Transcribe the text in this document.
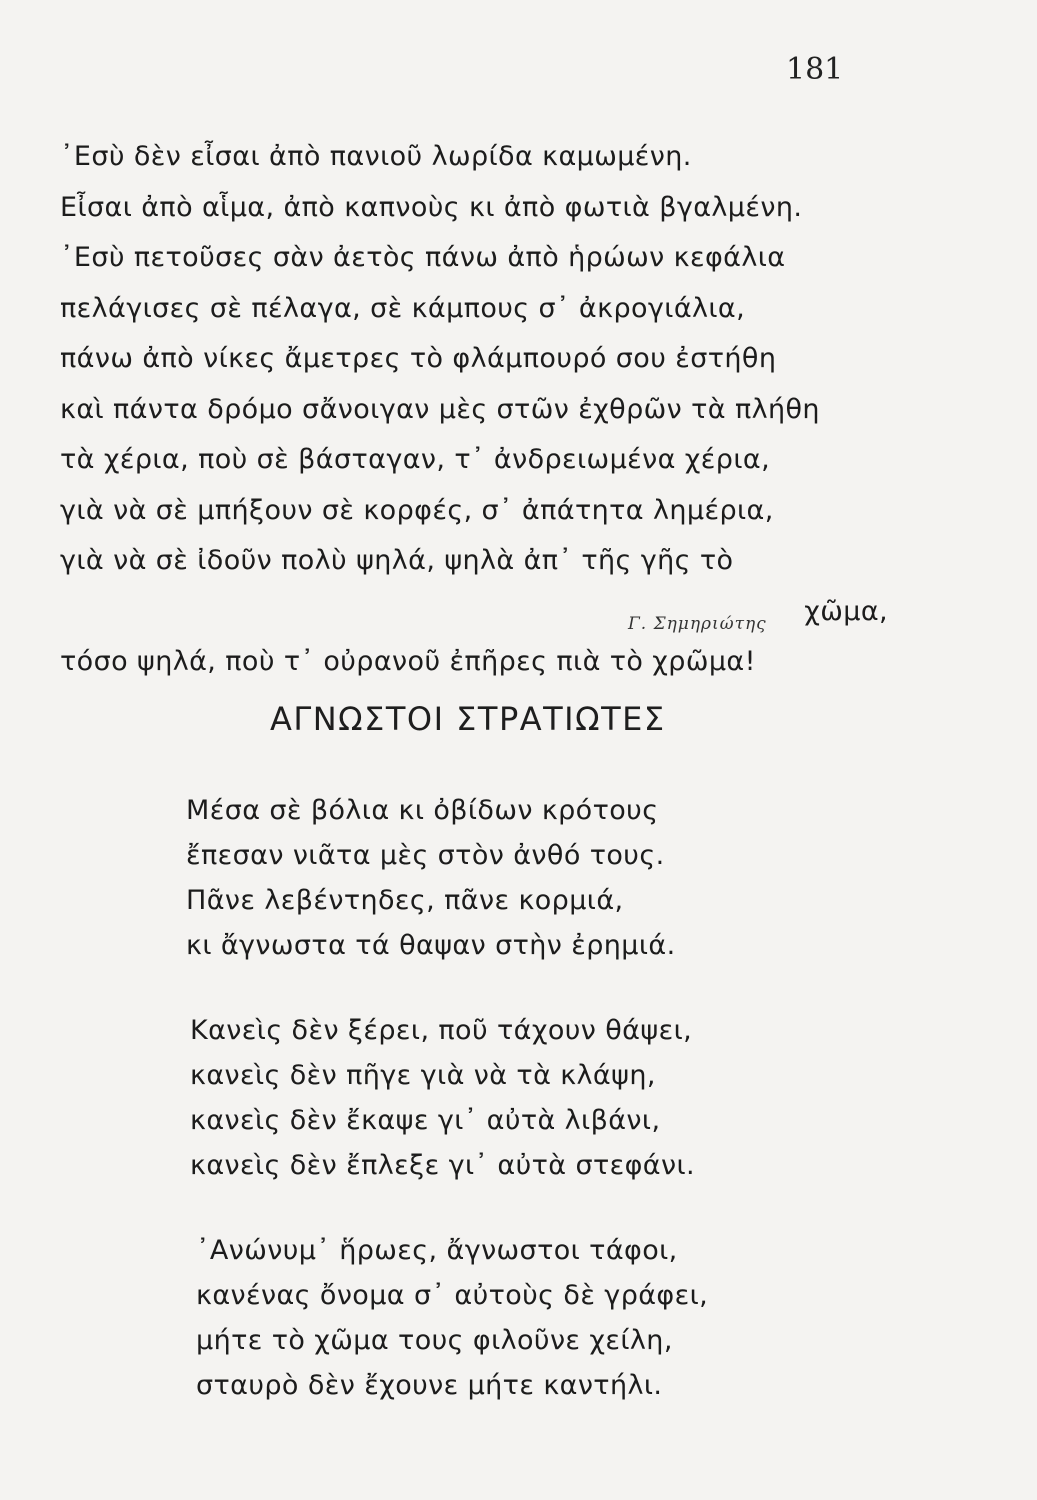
181
᾿Εσὺ δὲν εἶσαι ἀπὸ πανιοῦ λωρίδα καμωμένη.
Εἶσαι ἀπὸ αἷμα, ἀπὸ καπνοὺς κι ἀπὸ φωτιὰ βγαλμένη.
᾿Εσὺ πετοῦσες σὰν ἀετὸς πάνω ἀπὸ ἡρώων κεφάλια
πελάγισες σὲ πέλαγα, σὲ κάμπους σ᾿ ἀκρογιάλια,
πάνω ἀπὸ νίκες ἄμετρες τὸ φλάμπουρό σου ἐστήθη
καὶ πάντα δρόμο σἄνοιγαν μὲς στῶν ἐχθρῶν τὰ πλήθη
τὰ χέρια, ποὺ σὲ βάσταγαν, τ᾿ ἀνδρειωμένα χέρια,
γιὰ νὰ σὲ μπήξουν σὲ κορφές, σ᾿ ἀπάτητα λημέρια,
γιὰ νὰ σὲ ἰδοῦν πολὺ ψηλά, ψηλὰ ἀπ᾿ τῆς γῆς τὸ
χῶμα,
τόσο ψηλά, ποὺ τ᾿ οὐρανοῦ ἐπῆρες πιὰ τὸ χρῶμα!
Γ. Σημηριώτης
ΑΓΝΩΣΤΟΙ ΣΤΡΑΤΙΩΤΕΣ
Μέσα σὲ βόλια κι ὀβίδων κρότους
ἔπεσαν νιᾶτα μὲς στὸν ἀνθό τους.
Πᾶνε λεβέντηδες, πᾶνε κορμιά,
κι ἄγνωστα τά θαψαν στὴν ἐρημιά.
Κανεὶς δὲν ξέρει, ποῦ τάχουν θάψει,
κανεὶς δὲν πῆγε γιὰ νὰ τὰ κλάψη,
κανεὶς δὲν ἔκαψε γι᾿ αὐτὰ λιβάνι,
κανεὶς δὲν ἔπλεξε γι᾿ αὐτὰ στεφάνι.
᾿Ανώνυμ᾿ ἥρωες, ἄγνωστοι τάφοι,
κανένας ὄνομα σ᾿ αὐτοὺς δὲ γράφει,
μήτε τὸ χῶμα τους φιλοῦνε χείλη,
σταυρὸ δὲν ἔχουνε μήτε καντήλι.
